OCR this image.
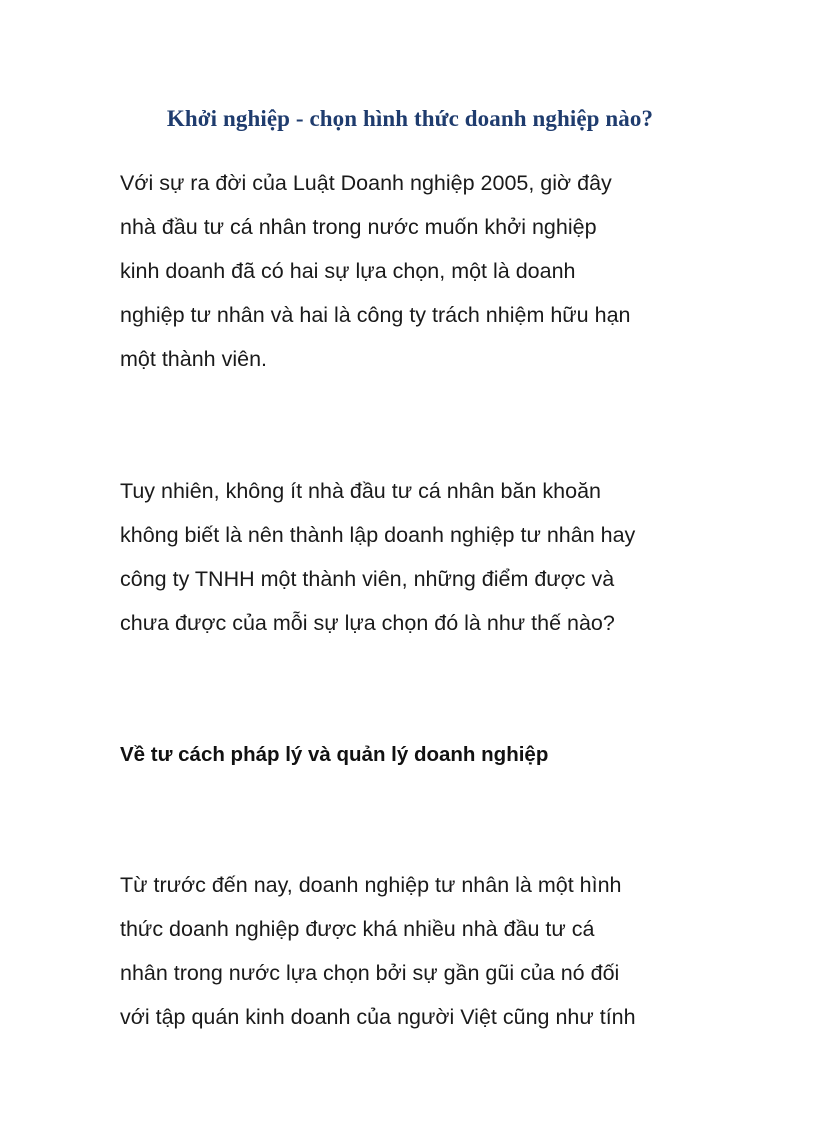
Khởi nghiệp - chọn hình thức doanh nghiệp nào?

Với sự ra đời của Luật Doanh nghiệp 2005, giờ đây
nhà đầu tư cá nhân trong nước muốn khởi nghiệp
kinh doanh đã có hai sự lựa chọn, một là doanh
nghiệp tư nhân và hai là công ty trách nhiệm hữu hạn
một thành viên.

Tuy nhiên, không ít nhà đầu tư cá nhân băn khoăn
không biết là nên thành lập doanh nghiệp tư nhân hay
công ty TNHH một thành viên, những điểm được và
chưa được của mỗi sự lựa chọn đó là như thế nào?

Về tư cách pháp lý và quản lý doanh nghiệp

Từ trước đến nay, doanh nghiệp tư nhân là một hình
thức doanh nghiệp được khá nhiều nhà đầu tư cá
nhân trong nước lựa chọn bởi sự gần gũi của nó đối
với tập quán kinh doanh của người Việt cũng như tính
